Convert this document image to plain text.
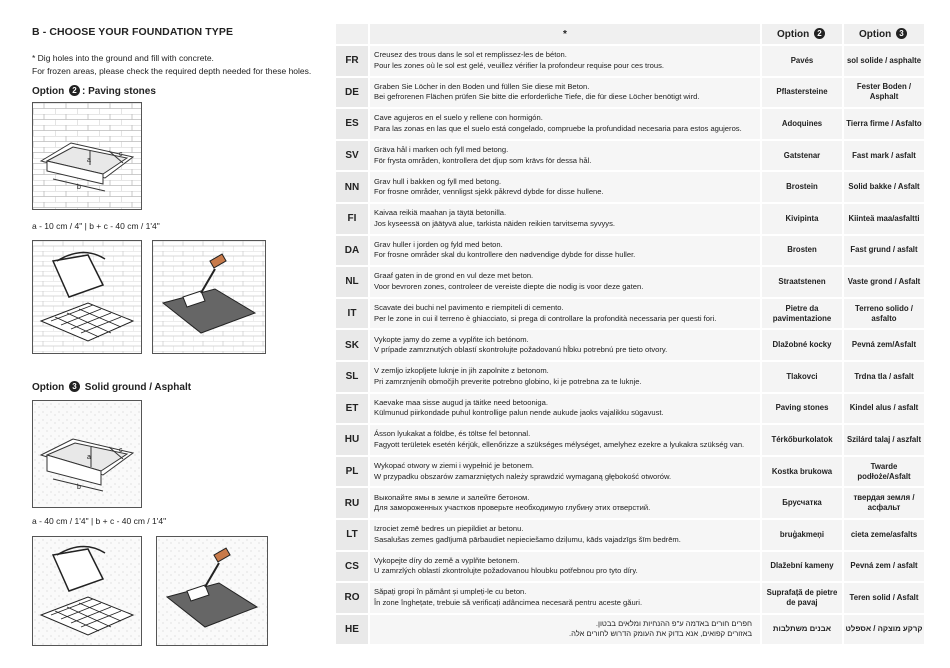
B - CHOOSE YOUR FOUNDATION TYPE
* Dig holes into the ground and fill with concrete.
For frozen areas, please check the required depth needed for these holes.
Option 2 : Paving stones
a
c
b
a - 10 cm / 4" | b + c - 40 cm / 1'4"
Option 3 Solid ground / Asphalt
a
c
b
a - 40 cm / 1'4" | b + c - 40 cm / 1'4"
	*	Option 2	Option 3
FR	Creusez des trous dans le sol et remplissez-les de béton.
Pour les zones où le sol est gelé, veuillez vérifier la profondeur requise pour ces trous.	Pavés	sol solide / asphalte
DE	Graben Sie Löcher in den Boden und füllen Sie diese mit Beton.
Bei gefrorenen Flächen prüfen Sie bitte die erforderliche Tiefe, die für diese Löcher benötigt wird.	Pflastersteine	Fester Boden / Asphalt
ES	Cave agujeros en el suelo y rellene con hormigón.
Para las zonas en las que el suelo está congelado, compruebe la profundidad necesaria para estos agujeros.	Adoquines	Tierra firme / Asfalto
SV	Gräva hål i marken och fyll med betong.
För frysta områden, kontrollera det djup som krävs för dessa hål.	Gatstenar	Fast mark / asfalt
NN	Grav hull i bakken og fyll med betong.
For frosne områder, vennligst sjekk påkrevd dybde for disse hullene.	Brostein	Solid bakke / Asfalt
FI	Kaivaa reikiä maahan ja täytä betonilla.
Jos kyseessä on jäätyvä alue, tarkista näiden reikien tarvitsema syvyys.	Kivipinta	Kiinteä maa/asfaltti
DA	Grav huller i jorden og fyld med beton.
For frosne områder skal du kontrollere den nødvendige dybde for disse huller.	Brosten	Fast grund / asfalt
NL	Graaf gaten in de grond en vul deze met beton.
Voor bevroren zones, controleer de vereiste diepte die nodig is voor deze gaten.	Straatstenen	Vaste grond / Asfalt
IT	Scavate dei buchi nel pavimento e riempiteli di cemento.
Per le zone in cui il terreno è ghiacciato, si prega di controllare la profondità necessaria per questi fori.	Pietre da pavimentazione	Terreno solido / asfalto
SK	Vykopte jamy do zeme a vyplňte ich betónom.
V prípade zamrznutých oblastí skontrolujte požadovanú hĺbku potrebnú pre tieto otvory.	Dlažobné kocky	Pevná zem/Asfalt
SL	V zemljo izkopljete luknje in jih zapolnite z betonom.
Pri zamrznjenih območjih preverite potrebno globino, ki je potrebna za te luknje.	Tlakovci	Trdna tla / asfalt
ET	Kaevake maa sisse augud ja täitke need betooniga.
Külmunud piirkondade puhul kontrollige palun nende aukude jaoks vajalikku sügavust.	Paving stones	Kindel alus / asfalt
HU	Ásson lyukakat a földbe, és töltse fel betonnal.
Fagyott területek esetén kérjük, ellenőrizze a szükséges mélységet, amelyhez ezekre a lyukakra szükség van.	Térkőburkolatok	Szilárd talaj / aszfalt
PL	Wykopać otwory w ziemi i wypełnić je betonem.
W przypadku obszarów zamarzniętych należy sprawdzić wymaganą głębokość otworów.	Kostka brukowa	Twarde podłoże/Asfalt
RU	Выкопайте ямы в земле и залейте бетоном.
Для замороженных участков проверьте необходимую глубину этих отверстий.	Брусчатка	твердая земля / асфальт
LT	Izrociet zemē bedres un piepildiet ar betonu.
Sasalušas zemes gadījumā pārbaudiet nepieciešamo dziļumu, kāds vajadzīgs šīm bedrēm.	bruģakmeņi	cieta zeme/asfalts
CS	Vykopejte díry do země a vyplňte betonem.
U zamrzlých oblastí zkontrolujte požadovanou hloubku potřebnou pro tyto díry.	Dlažební kameny	Pevná zem / asfalt
RO	Săpați gropi în pământ și umpleți-le cu beton.
În zone înghețate, trebuie să verificați adâncimea necesară pentru aceste găuri.	Suprafață de pietre de pavaj	Teren solid / Asfalt
HE	חפרים חורים באדמה ע"פ ההנחיות ומלאים בבטון.
באזורים קפואים, אנא בדוק את העומק הדרוש לחורים אלה.	אבנים משתלבות	קרקע מוצקה / אספלט
